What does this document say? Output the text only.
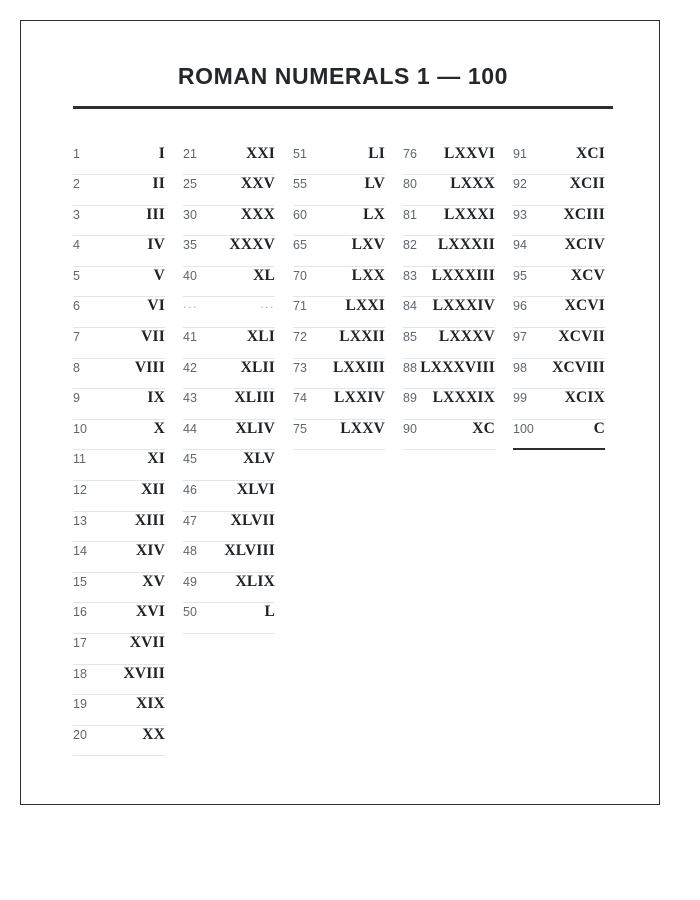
ROMAN NUMERALS 1 — 100
1	I
2	II
3	III
4	IV
5	V
6	VI
7	VII
8	VIII
9	IX
10	X
11	XI
12	XII
13	XIII
14	XIV
15	XV
16	XVI
17	XVII
18	XVIII
19	XIX
20	XX
21	XXI
25	XXV
30	XXX
35	XXXV
40	XL
...	...
41	XLI
42	XLII
43	XLIII
44	XLIV
45	XLV
46	XLVI
47	XLVII
48	XLVIII
49	XLIX
50	L
51	LI
55	LV
60	LX
65	LXV
70	LXX
71	LXXI
72	LXXII
73	LXXIII
74	LXXIV
75	LXXV
76	LXXVI
80	LXXX
81	LXXXI
82	LXXXII
83 LXXXIII
84	LXXXIV
85	LXXXV
88 LXXXVIII
89	LXXXIX
90	XC
91	XCI
92	XCII
93	XCIII
94	XCIV
95	XCV
96	XCVI
97	XCVII
98	XCVIII
99	XCIX
100	C
